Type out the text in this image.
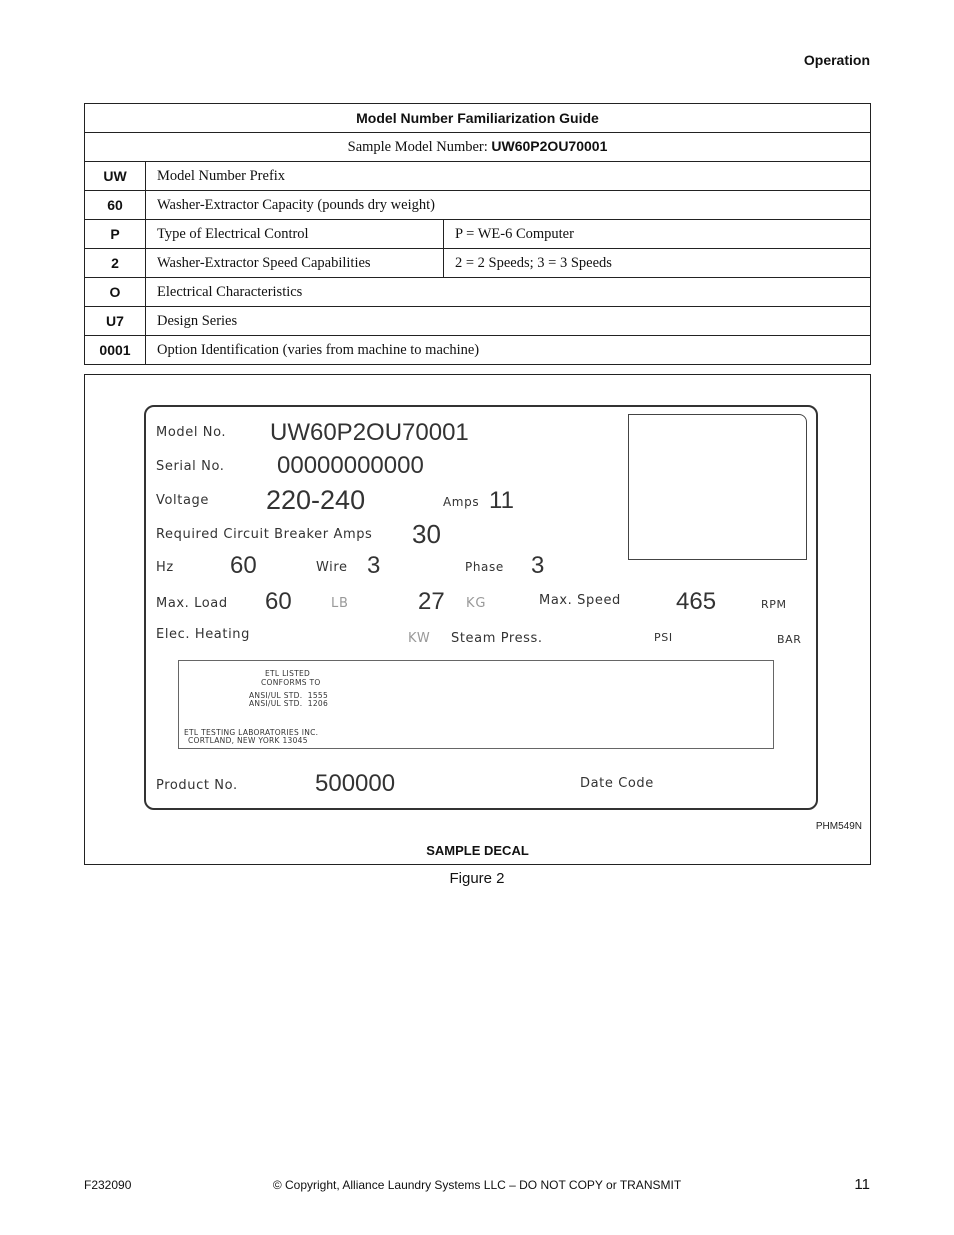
Operation
Model Number Familiarization Guide		
Sample Model Number: UW60P2OU70001		
UW	Model Number Prefix	
60	Washer-Extractor Capacity (pounds dry weight)	
P	Type of Electrical Control	P = WE-6 Computer
2	Washer-Extractor Speed Capabilities	2 = 2 Speeds; 3 = 3 Speeds
O	Electrical Characteristics	
U7	Design Series	
0001	Option Identification (varies from machine to machine)	
Model No. UW60P2OU70001
Serial No. 00000000000
Voltage 220-240	Amps 11
Required Circuit Breaker Amps 30
Hz 60	Wire 3	Phase 3
Max. Load 60	LB	27 KG	Max. Speed 465	RPM
Elec. Heating	KW Steam Press.	PSI	BAR
ETL LISTED
CONFORMS TO
ANSI/UL STD.  1555
ANSI/UL STD.  1206
ETL TESTING LABORATORIES INC.
CORTLAND, NEW YORK 13045
Product No.	500000	Date Code
PHM549N
SAMPLE DECAL
Figure 2
F232090	© Copyright, Alliance Laundry Systems LLC – DO NOT COPY or TRANSMIT	11
